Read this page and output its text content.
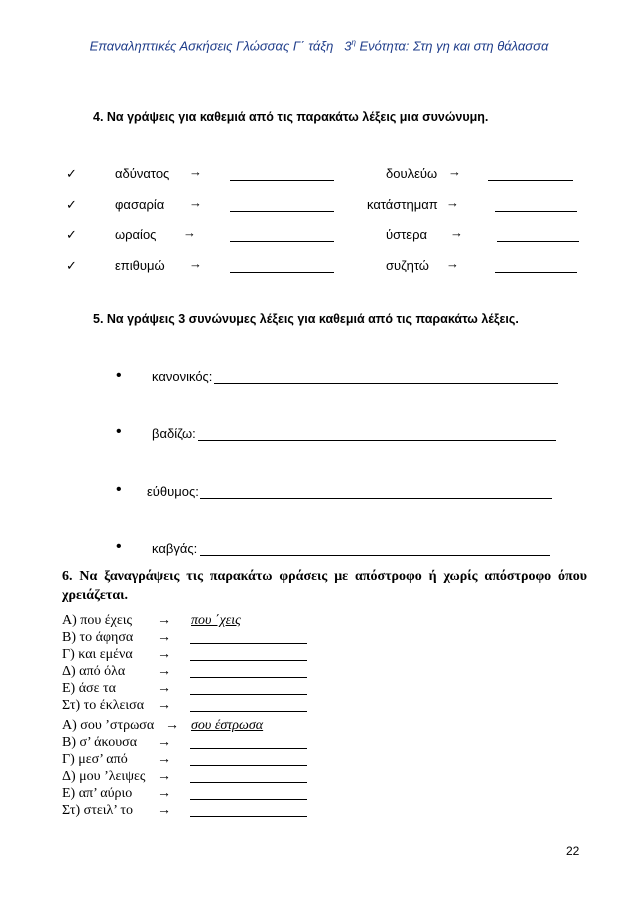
Επαναληπτικές Ασκήσεις Γλώσσας Γ΄ τάξη $3^\eta$ Ενότητα: Στη γη και στη θάλασσα
4. Να γράψεις για καθεμιά από τις παρακάτω λέξεις μια συνώνυμη.
✓	αδύνατος →	δουλεύω →
✓	φασαρία →	κατάστημαπ →
✓	ωραίος →	ύστερα →
✓	επιθυμώ →	συζητώ →
5. Να γράψεις 3 συνώνυμες λέξεις για καθεμιά από τις παρακάτω λέξεις.
• κανονικός:
• βαδίζω:
• εύθυμος:
• καβγάς:
6. Να ξαναγράψεις τις παρακάτω φράσεις με απόστροφο ή χωρίς απόστροφο όπου χρειάζεται.
Α) που έχεις → που ΄χεις
Β) το άφησα →
Γ) και εμένα →
Δ) από όλα →
Ε) άσε τα	→
Στ) το έκλεισα →
Α) σου ’στρωσα → σου έστρωσα
Β) σ’ άκουσα →
Γ) μεσ’ από →
Δ) μου ’λειψες →
Ε) απ’ αύριο →
Στ) στειλ’ το →
22
